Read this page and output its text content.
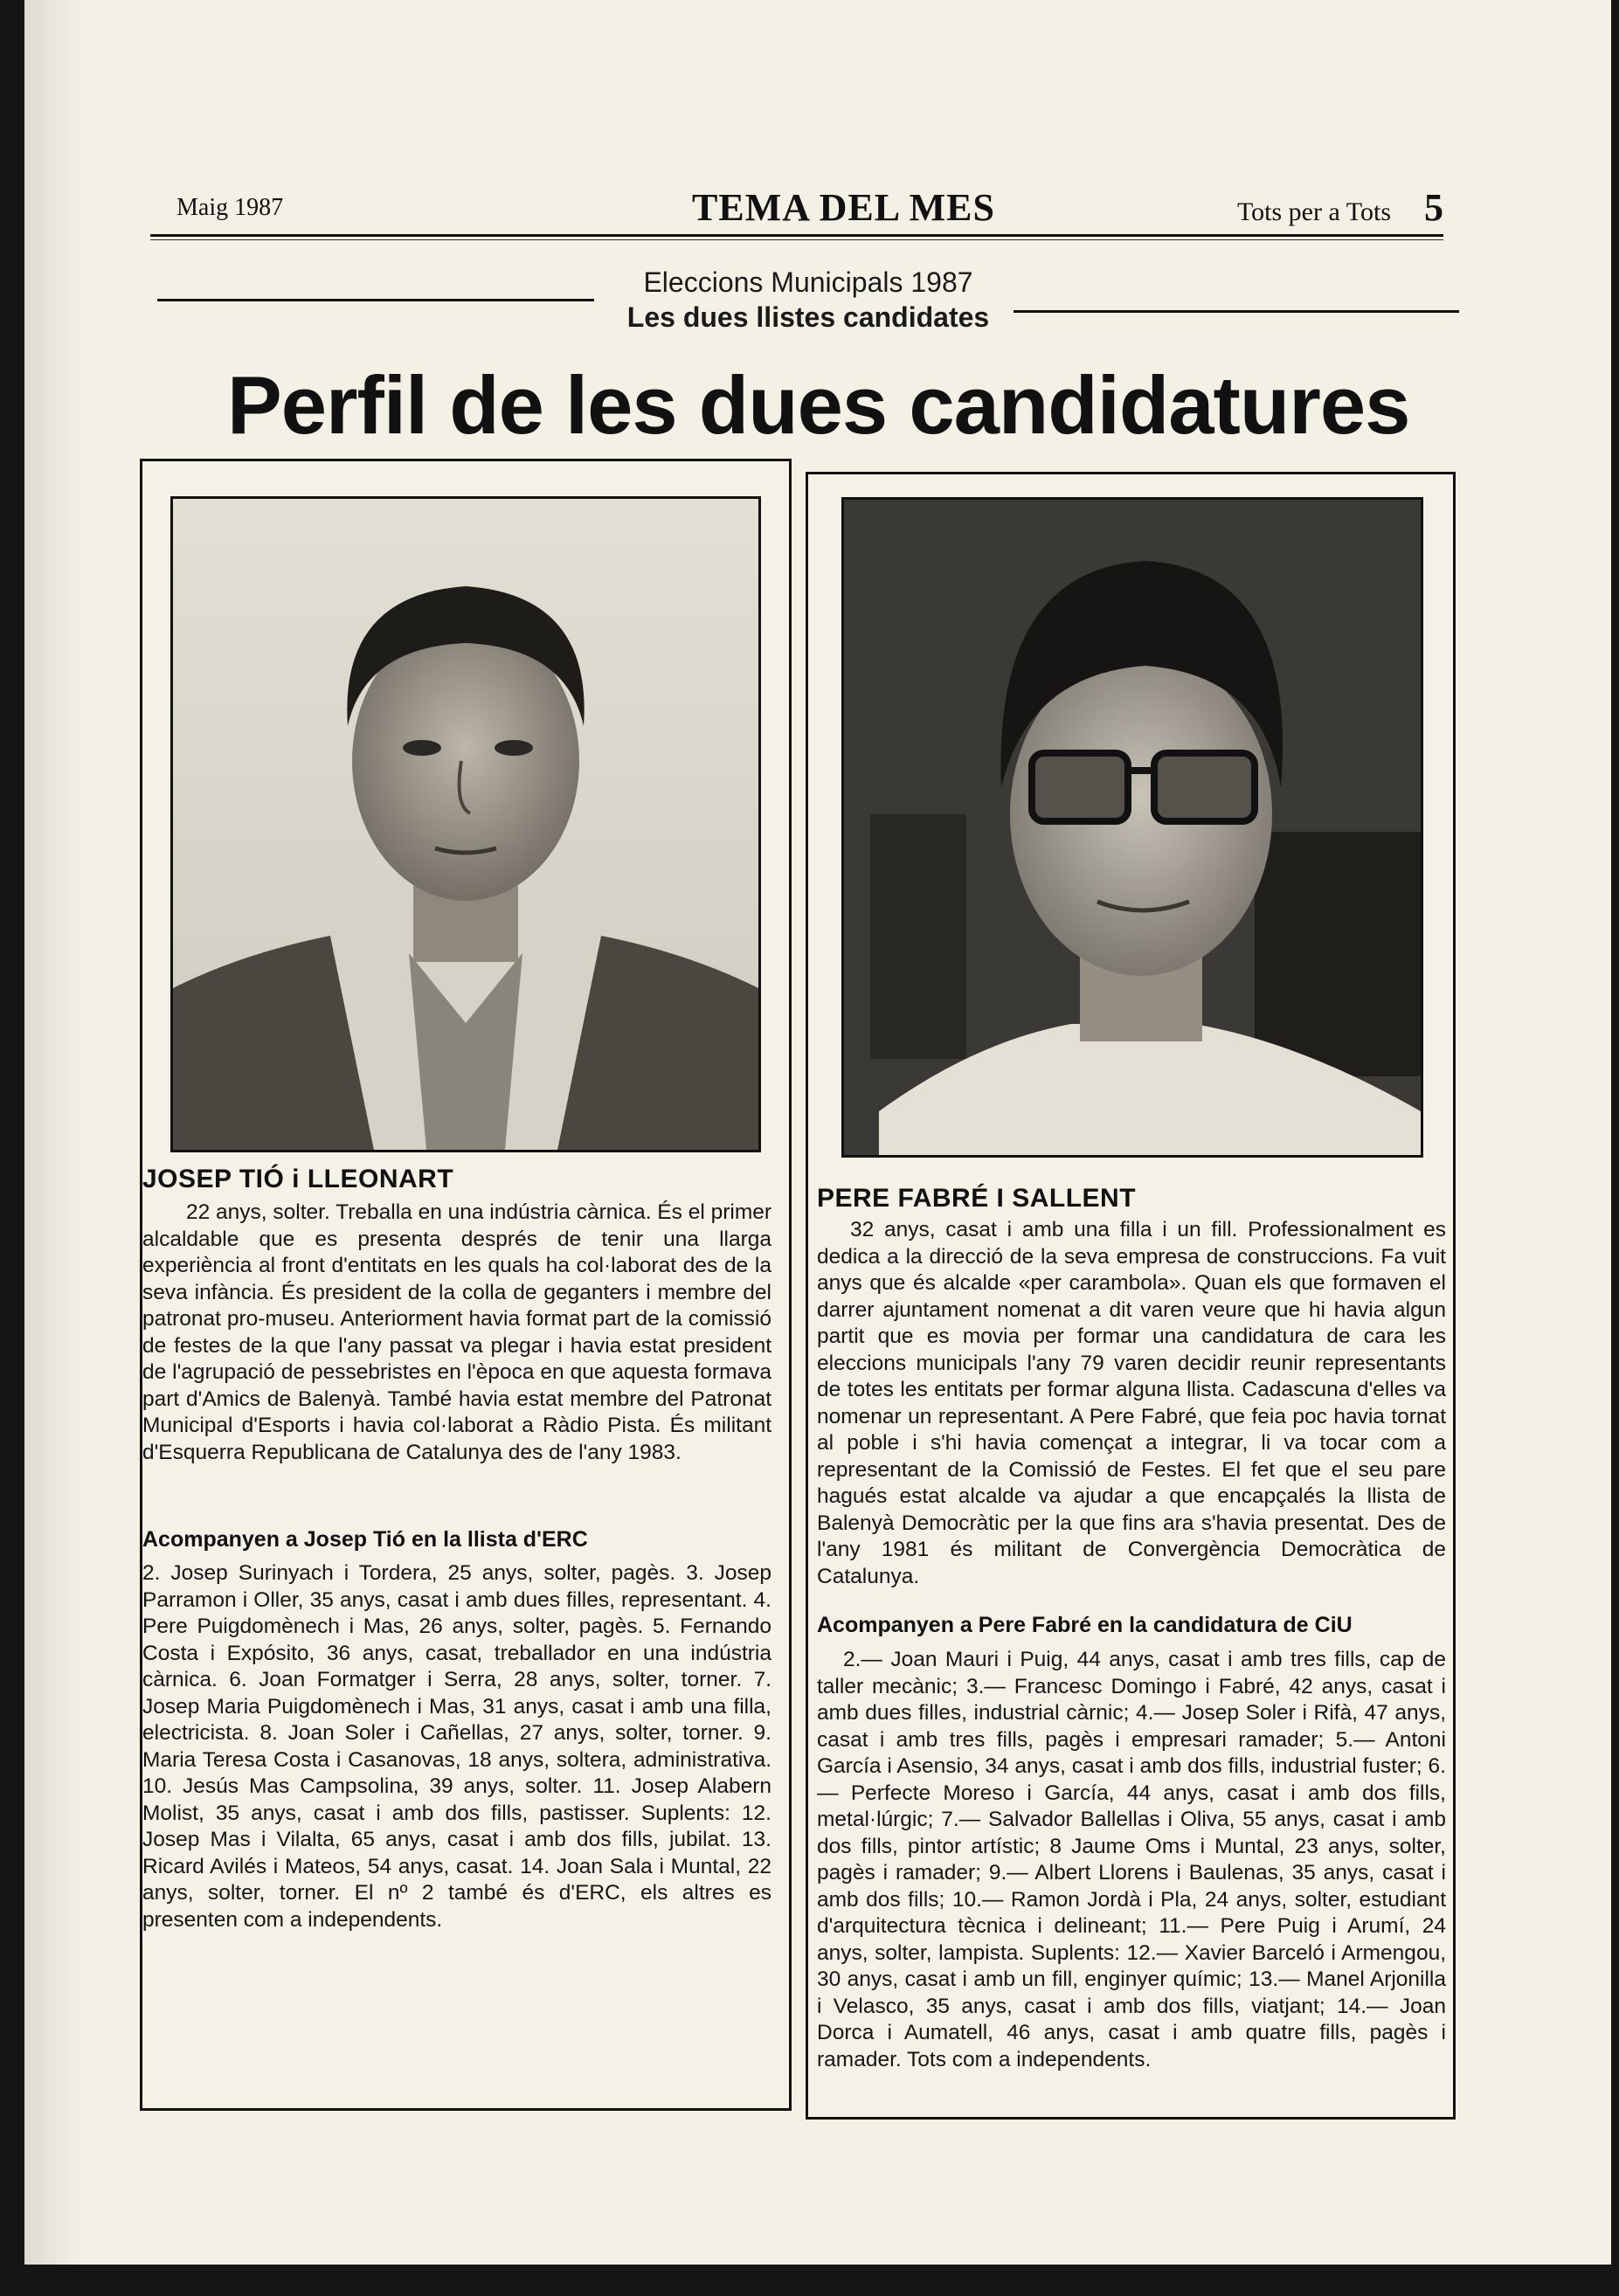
Maig 1987	TEMA DEL MES	Tots per a Tots 5
Eleccions Municipals 1987
Les dues llistes candidates
Perfil de les dues candidatures
JOSEP TIÓ i LLEONART
22 anys, solter. Treballa en una indústria càrnica. És el primer alcaldable que es presenta després de tenir una llarga experiència al front d'entitats en les quals ha col·laborat des de la seva infància. És president de la colla de geganters i membre del patronat pro-museu. Anteriorment havia format part de la comissió de festes de la que l'any passat va plegar i havia estat president de l'agrupació de pessebristes en l'època en que aquesta formava part d'Amics de Balenyà. També havia estat membre del Patronat Municipal d'Esports i havia col·laborat a Ràdio Pista. És militant d'Esquerra Republicana de Catalunya des de l'any 1983.
Acompanyen a Josep Tió en la llista d'ERC
2. Josep Surinyach i Tordera, 25 anys, solter, pagès. 3. Josep Parramon i Oller, 35 anys, casat i amb dues filles, representant. 4. Pere Puigdomènech i Mas, 26 anys, solter, pagès. 5. Fernando Costa i Expósito, 36 anys, casat, treballador en una indústria càrnica. 6. Joan Formatger i Serra, 28 anys, solter, torner. 7. Josep Maria Puigdomènech i Mas, 31 anys, casat i amb una filla, electricista. 8. Joan Soler i Cañellas, 27 anys, solter, torner. 9. Maria Teresa Costa i Casanovas, 18 anys, soltera, administrativa. 10. Jesús Mas Campsolina, 39 anys, solter. 11. Josep Alabern Molist, 35 anys, casat i amb dos fills, pastisser. Suplents: 12. Josep Mas i Vilalta, 65 anys, casat i amb dos fills, jubilat. 13. Ricard Avilés i Mateos, 54 anys, casat. 14. Joan Sala i Muntal, 22 anys, solter, torner. El nº 2 també és d'ERC, els altres es presenten com a independents.
PERE FABRÉ I SALLENT
32 anys, casat i amb una filla i un fill. Professionalment es dedica a la direcció de la seva empresa de construccions. Fa vuit anys que és alcalde «per carambola». Quan els que formaven el darrer ajuntament nomenat a dit varen veure que hi havia algun partit que es movia per formar una candidatura de cara les eleccions municipals l'any 79 varen decidir reunir representants de totes les entitats per formar alguna llista. Cadascuna d'elles va nomenar un representant. A Pere Fabré, que feia poc havia tornat al poble i s'hi havia començat a integrar, li va tocar com a representant de la Comissió de Festes. El fet que el seu pare hagués estat alcalde va ajudar a que encapçalés la llista de Balenyà Democràtic per la que fins ara s'havia presentat. Des de l'any 1981 és militant de Convergència Democràtica de Catalunya.
Acompanyen a Pere Fabré en la candidatura de CiU
2.— Joan Mauri i Puig, 44 anys, casat i amb tres fills, cap de taller mecànic; 3.— Francesc Domingo i Fabré, 42 anys, casat i amb dues filles, industrial càrnic; 4.— Josep Soler i Rifà, 47 anys, casat i amb tres fills, pagès i empresari ramader; 5.— Antoni García i Asensio, 34 anys, casat i amb dos fills, industrial fuster; 6.— Perfecte Moreso i García, 44 anys, casat i amb dos fills, metal·lúrgic; 7.— Salvador Ballellas i Oliva, 55 anys, casat i amb dos fills, pintor artístic; 8 Jaume Oms i Muntal, 23 anys, solter, pagès i ramader; 9.— Albert Llorens i Baulenas, 35 anys, casat i amb dos fills; 10.— Ramon Jordà i Pla, 24 anys, solter, estudiant d'arquitectura tècnica i delineant; 11.— Pere Puig i Arumí, 24 anys, solter, lampista. Suplents: 12.— Xavier Barceló i Armengou, 30 anys, casat i amb un fill, enginyer químic; 13.— Manel Arjonilla i Velasco, 35 anys, casat i amb dos fills, viatjant; 14.— Joan Dorca i Aumatell, 46 anys, casat i amb quatre fills, pagès i ramader. Tots com a independents.
